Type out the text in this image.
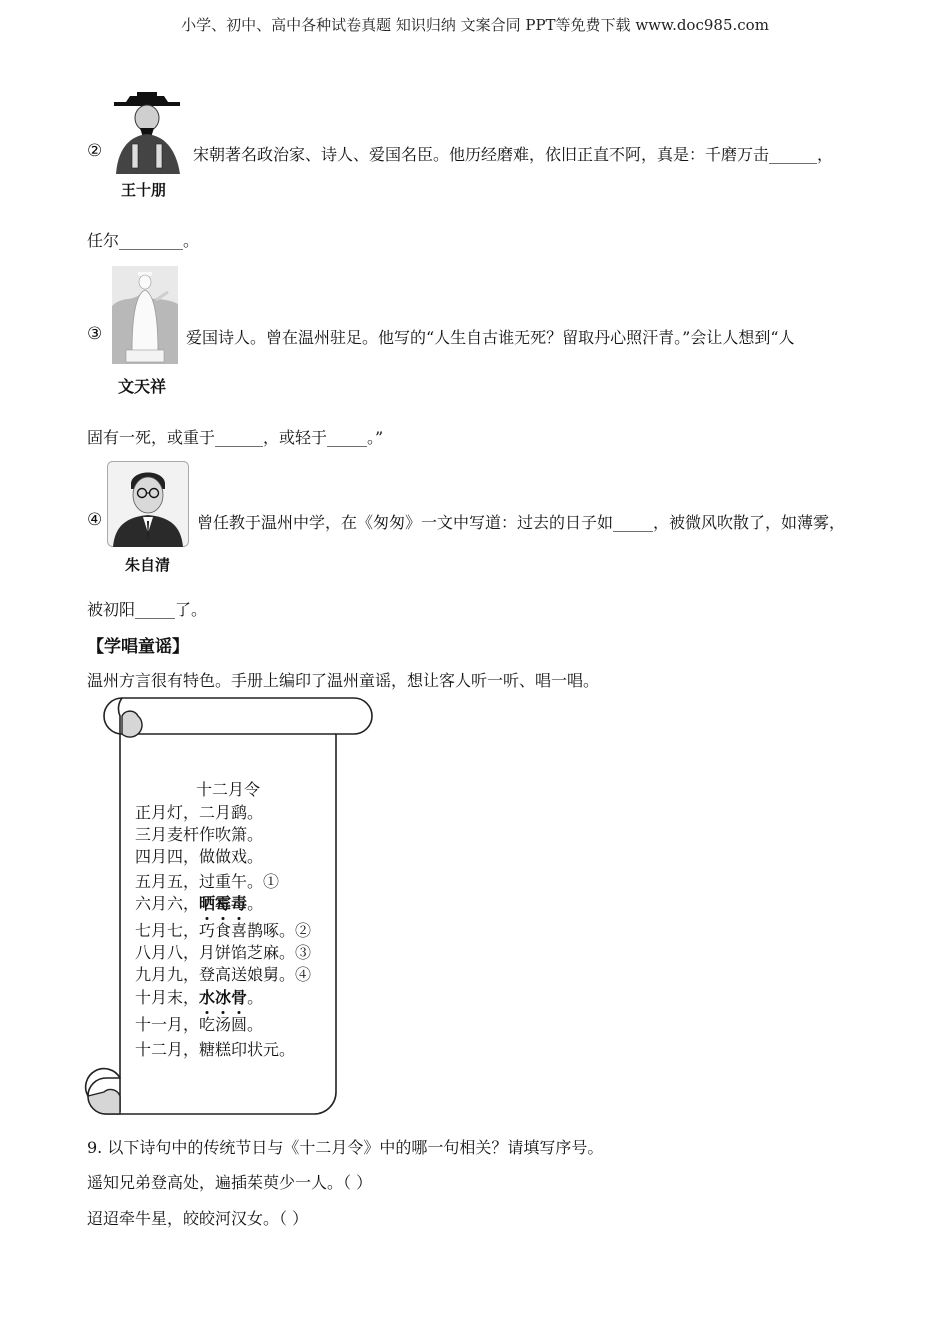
小学、初中、高中各种试卷真题 知识归纳 文案合同 PPT等免费下载 www.doc985.com
②
王十朋
宋朝著名政治家、诗人、爱国名臣。他历经磨难，依旧正直不阿，真是：千磨万击______，
任尔________。
③
文天祥
爱国诗人。曾在温州驻足。他写的“人生自古谁无死？留取丹心照汗青。”会让人想到“人
固有一死，或重于______，或轻于_____。”
④
朱自清
曾任教于温州中学，在《匆匆》一文中写道：过去的日子如_____，被微风吹散了，如薄雾，
被初阳_____了。
【学唱童谣】
温州方言很有特色。手册上编印了温州童谣，想让客人听一听、唱一唱。
十二月令
正月灯，二月鹞。
三月麦杆作吹箫。
四月四，做做戏。
五月五，过重午。①
六月六，晒
霉
毒
。
七月七，巧食喜鹊啄。②
八月八，月饼馅芝麻。③
九月九，登高送娘舅。④
十月末，水
冰
骨
。
十一月，吃汤圆。
十二月，糖糕印状元。
9. 以下诗句中的传统节日与《十二月令》中的哪一句相关？请填写序号。
遥知兄弟登高处，遍插茱萸少一人。（ ）
迢迢牵牛星，皎皎河汉女。（ ）
